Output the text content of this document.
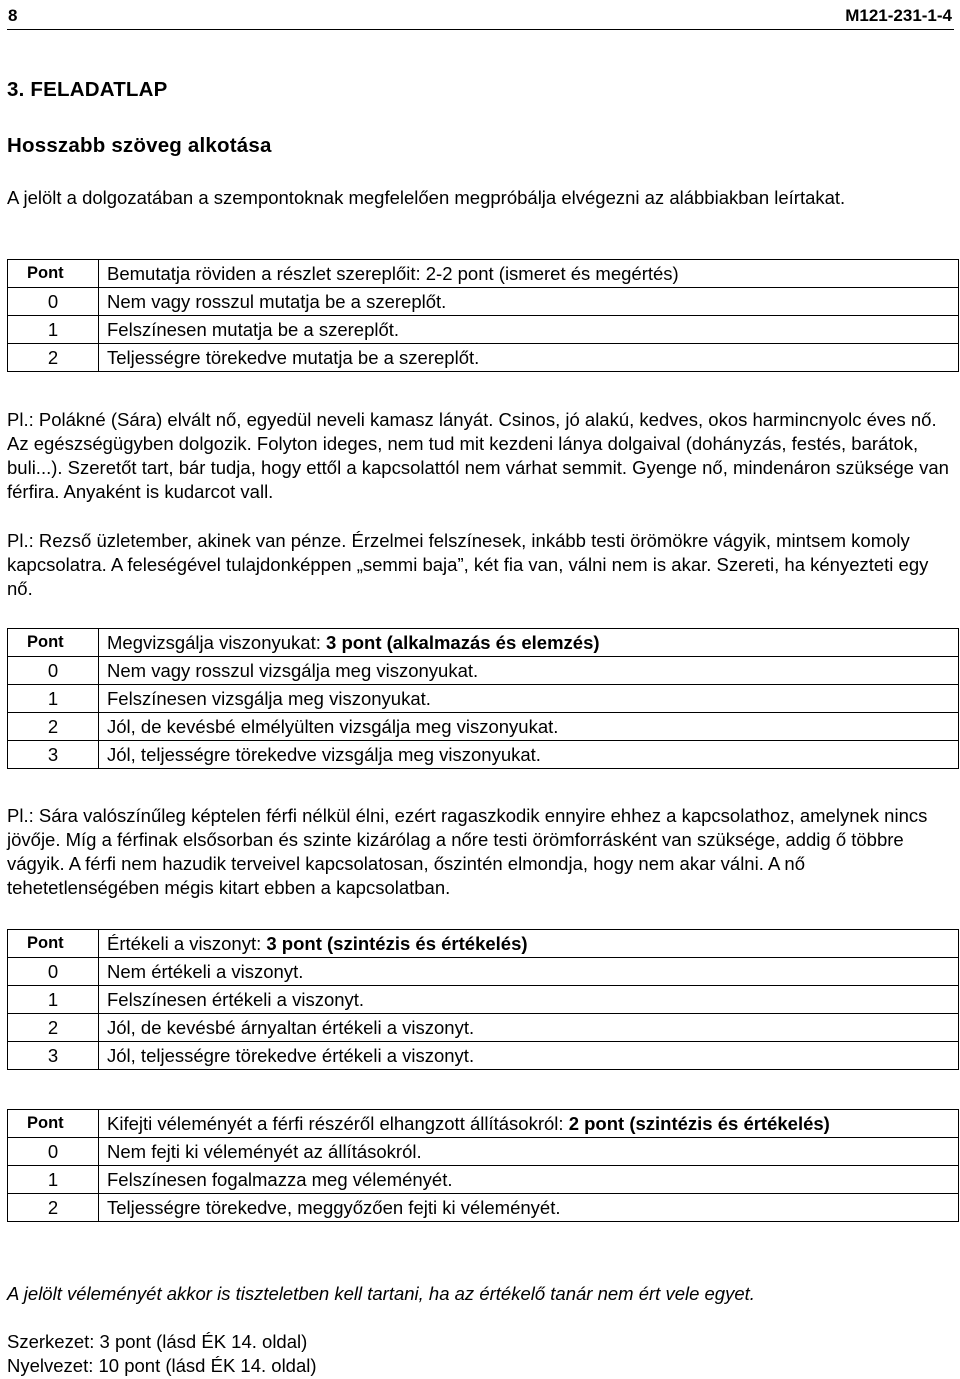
8	M121-231-1-4
3. FELADATLAP
Hosszabb szöveg alkotása
A jelölt a dolgozatában a szempontoknak megfelelően megpróbálja elvégezni az alábbiakban leírtakat.
Pont	Bemutatja röviden a részlet szereplőit: 2-2 pont (ismeret és megértés)
0	Nem vagy rosszul mutatja be a szereplőt.
1	Felszínesen mutatja be a szereplőt.
2	Teljességre törekedve mutatja be a szereplőt.
Pl.: Polákné (Sára) elvált nő, egyedül neveli kamasz lányát. Csinos, jó alakú, kedves, okos harmincnyolc éves nő. Az egészségügyben dolgozik. Folyton ideges, nem tud mit kezdeni lánya dolgaival (dohányzás, festés, barátok, buli...). Szeretőt tart, bár tudja, hogy ettől a kapcsolattól nem várhat semmit. Gyenge nő, mindenáron szüksége van férfira. Anyaként is kudarcot vall.
Pl.: Rezső üzletember, akinek van pénze. Érzelmei felszínesek, inkább testi örömökre vágyik, mintsem komoly kapcsolatra. A feleségével tulajdonképpen „semmi baja”, két fia van, válni nem is akar. Szereti, ha kényezteti egy nő.
Pont	Megvizsgálja viszonyukat: 3 pont (alkalmazás és elemzés)
0	Nem vagy rosszul vizsgálja meg viszonyukat.
1	Felszínesen vizsgálja meg viszonyukat.
2	Jól, de kevésbé elmélyülten vizsgálja meg viszonyukat.
3	Jól, teljességre törekedve vizsgálja meg viszonyukat.
Pl.: Sára valószínűleg képtelen férfi nélkül élni, ezért ragaszkodik ennyire ehhez a kapcsolathoz, amelynek nincs jövője. Míg a férfinak elsősorban és szinte kizárólag a nőre testi örömforrásként van szüksége, addig ő többre vágyik. A férfi nem hazudik terveivel kapcsolatosan, őszintén elmondja, hogy nem akar válni. A nő tehetetlenségében mégis kitart ebben a kapcsolatban.
Pont	Értékeli a viszonyt: 3 pont (szintézis és értékelés)
0	Nem értékeli a viszonyt.
1	Felszínesen értékeli a viszonyt.
2	Jól, de kevésbé árnyaltan értékeli a viszonyt.
3	Jól, teljességre törekedve értékeli a viszonyt.
Pont	Kifejti véleményét a férfi részéről elhangzott állításokról: 2 pont (szintézis és értékelés)
0	Nem fejti ki véleményét az állításokról.
1	Felszínesen fogalmazza meg véleményét.
2	Teljességre törekedve, meggyőzően fejti ki véleményét.
A jelölt véleményét akkor is tiszteletben kell tartani, ha az értékelő tanár nem ért vele egyet.
Szerkezet: 3 pont (lásd ÉK 14. oldal)
Nyelvezet: 10 pont (lásd ÉK 14. oldal)
